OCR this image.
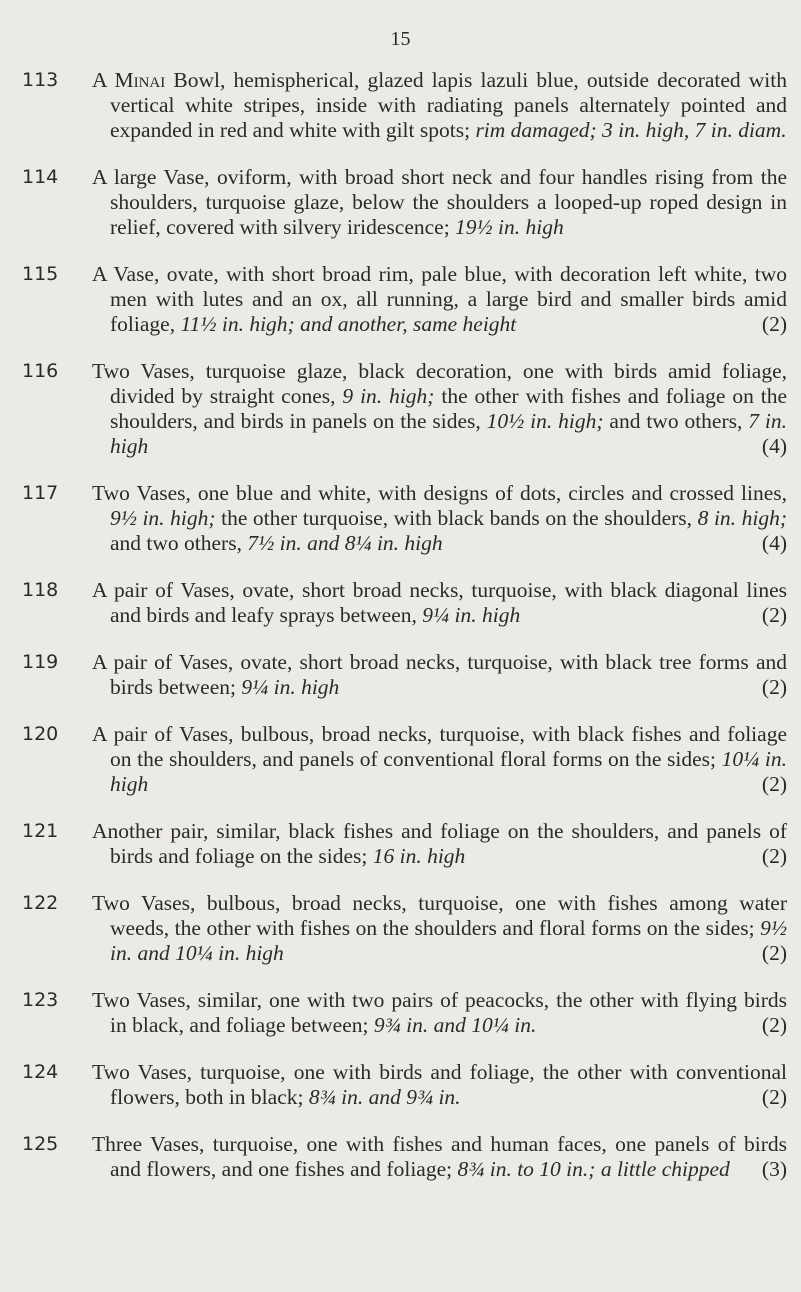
15
113	A Minai Bowl, hemispherical, glazed lapis lazuli blue, outside decorated with vertical white stripes, inside with radiating panels alternately pointed and expanded in red and white with gilt spots; rim damaged; 3 in. high, 7 in. diam.

114	A large Vase, oviform, with broad short neck and four handles rising from the shoulders, turquoise glaze, below the shoulders a looped-up roped design in relief, covered with silvery iridescence; 19½ in. high

115	A Vase, ovate, with short broad rim, pale blue, with decoration left white, two men with lutes and an ox, all running, a large bird and smaller birds amid foliage, 11½ in. high; and another, same height	(2)

116	Two Vases, turquoise glaze, black decoration, one with birds amid foliage, divided by straight cones, 9 in. high; the other with fishes and foliage on the shoulders, and birds in panels on the sides, 10½ in. high; and two others, 7 in. high	(4)

117	Two Vases, one blue and white, with designs of dots, circles and crossed lines, 9½ in. high; the other turquoise, with black bands on the shoulders, 8 in. high; and two others, 7½ in. and 8¼ in. high	(4)

118	A pair of Vases, ovate, short broad necks, turquoise, with black diagonal lines and birds and leafy sprays between, 9¼ in. high	(2)

119	A pair of Vases, ovate, short broad necks, turquoise, with black tree forms and birds between; 9¼ in. high	(2)

120	A pair of Vases, bulbous, broad necks, turquoise, with black fishes and foliage on the shoulders, and panels of conventional floral forms on the sides; 10¼ in. high	(2)

121	Another pair, similar, black fishes and foliage on the shoulders, and panels of birds and foliage on the sides; 16 in. high	(2)

122	Two Vases, bulbous, broad necks, turquoise, one with fishes among water weeds, the other with fishes on the shoulders and floral forms on the sides; 9½ in. and 10¼ in. high	(2)

123	Two Vases, similar, one with two pairs of peacocks, the other with flying birds in black, and foliage between; 9¾ in. and 10¼ in.	(2)

124	Two Vases, turquoise, one with birds and foliage, the other with conventional flowers, both in black; 8¾ in. and 9¾ in.	(2)

125	Three Vases, turquoise, one with fishes and human faces, one panels of birds and flowers, and one fishes and foliage; 8¾ in. to 10 in.; a little chipped (3)
